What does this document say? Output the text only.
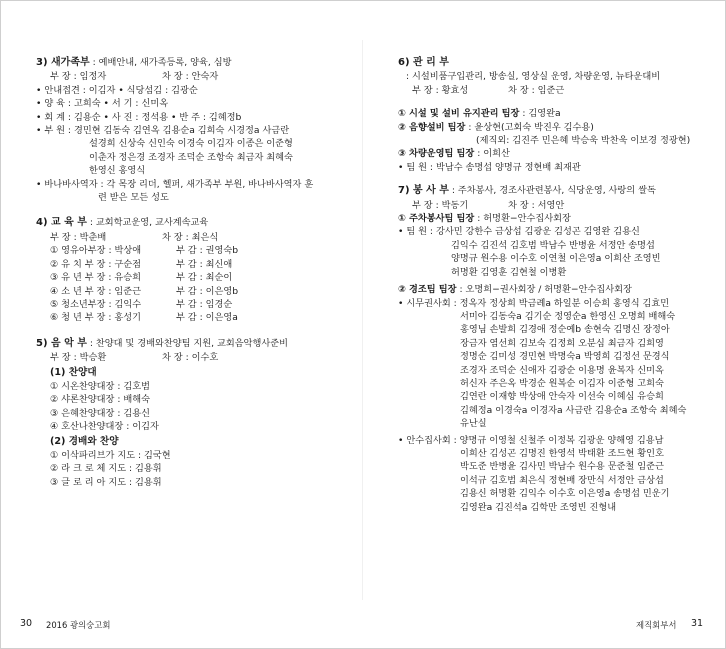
3) 새가족부 : 예배안내, 새가족등록, 양육, 심방
부 장 : 임정자	차 장 : 안숙자
• 안내접견 : 이김자 • 식당섬김 : 김광순
• 양 육 : 고희숙 • 서 기 : 신미옥
• 회 계 : 김용순 • 사 진 : 정석용 • 반 주 : 김혜정b
• 부 원 : 경민현 김동숙 김연옥 김용순a 김희숙 시경정a 사금란
설경희 신상숙 신인숙 이경숙 이김자 이종은 이준형
이춘자 정은경 조경자 조덕순 조항숙 최금자 최혜숙
한영신 홍영식
• 바나바사역자 : 각 목장 리더, 헬퍼, 새가족부 부원, 바나바사역자 훈
련 받은 모든 성도
4) 교 육 부 : 교회학교운영, 교사계속교육
부 장 : 박춘배	차 장 : 최은식
① 영유아부장 : 박상애	부 감 : 권영숙b
② 유 치 부 장 : 구순점	부 감 : 최신애
③ 유 년 부 장 : 유승희	부 감 : 최순이
④ 소 년 부 장 : 임준근	부 감 : 이은영b
⑤ 청소년부장 : 김익수	부 감 : 임경순
⑥ 청 년 부 장 : 홍성기	부 감 : 이은영a
5) 음 악 부 : 찬양대 및 경배와찬양팀 지원, 교회음악행사준비
부 장 : 박승환	차 장 : 이수호
(1) 찬양대
① 시온찬양대장 : 김호범
② 샤론찬양대장 : 배해숙
③ 은혜찬양대장 : 김용신
④ 호산나찬양대장 : 이김자
(2) 경배와 찬양
① 이삭파리브가 지도 : 김국현
② 라 크 로 체 지도 : 김용휘
③ 글 로 리 아 지도 : 김용휘
6) 관 리 부
: 시설비품구입관리, 방송실, 영상실 운영, 차량운영, 뉴타운대비
부 장 : 황효성	차 장 : 임준근
① 시설 및 설비 유지관리 팀장 : 김영완a
② 음향설비 팀장 : 윤상현(고회숙 박진우 김수용)
(제직외: 김진주 민은혜 박승욱 박찬욱 이보경 정광현)
③ 차량운영팀 팀장 : 이희산
• 팀 원 : 박남수 송명섭 양명규 정현배 최재관
7) 봉 사 부 : 주차봉사, 경조사관련봉사, 식당운영, 사랑의 쌀독
부 장 : 박동기	차 장 : 서영안
① 주차봉사팀 팀장 : 허명환−안수집사회장
• 팀 원 : 강사민 강한수 금상섭 김광운 김성곤 김영완 김용신
김익수 김진석 김호범 박남수 반병윤 서정안 송명섭
양명규 원수용 이수호 이연철 이은영a 이희산 조영빈
허명환 김영훈 김현철 이병환
② 경조팀 팀장 : 오명희−권사회장 / 허명환−안수집사회장
• 시무권사회 : 정옥자 정상희 박금례a 하일분 이승희 홍영식 김효민
서미아 김동숙a 김기순 정영순a 한영신 오명희 배해숙
홍영님 손발희 김경애 정순예b 송현숙 김명신 장정아
장금자 염선희 김보숙 김정희 오분심 최금자 김희영
정명순 김미성 경민현 박명숙a 박영희 김정선 문경식
조경자 조덕순 신애자 김광순 이용명 윤복자 신미옥
허신자 주은옥 박경순 원복순 이김자 이준형 고희숙
김연란 이재향 박상애 안숙자 이선숙 이혜심 유승희
김혜정a 이경숙a 이경자a 사금란 김용순a 조항숙 최혜숙
유난실
• 안수집사회 : 양명규 이영철 신철주 이정복 김광운 양해영 김용남
이희산 김성곤 김명진 한영석 박태환 조드현 황인호
박도준 반병윤 김사민 박남수 원수용 문준철 임준근
이석규 김호범 최은식 정현배 장만식 서정안 금상섭
김용신 허명환 김익수 이수호 이은영a 송명섭 민운기
김영완a 김진석a 김학만 조영빈 진형내
30 2016 광의숭고회	제직회부서 31
